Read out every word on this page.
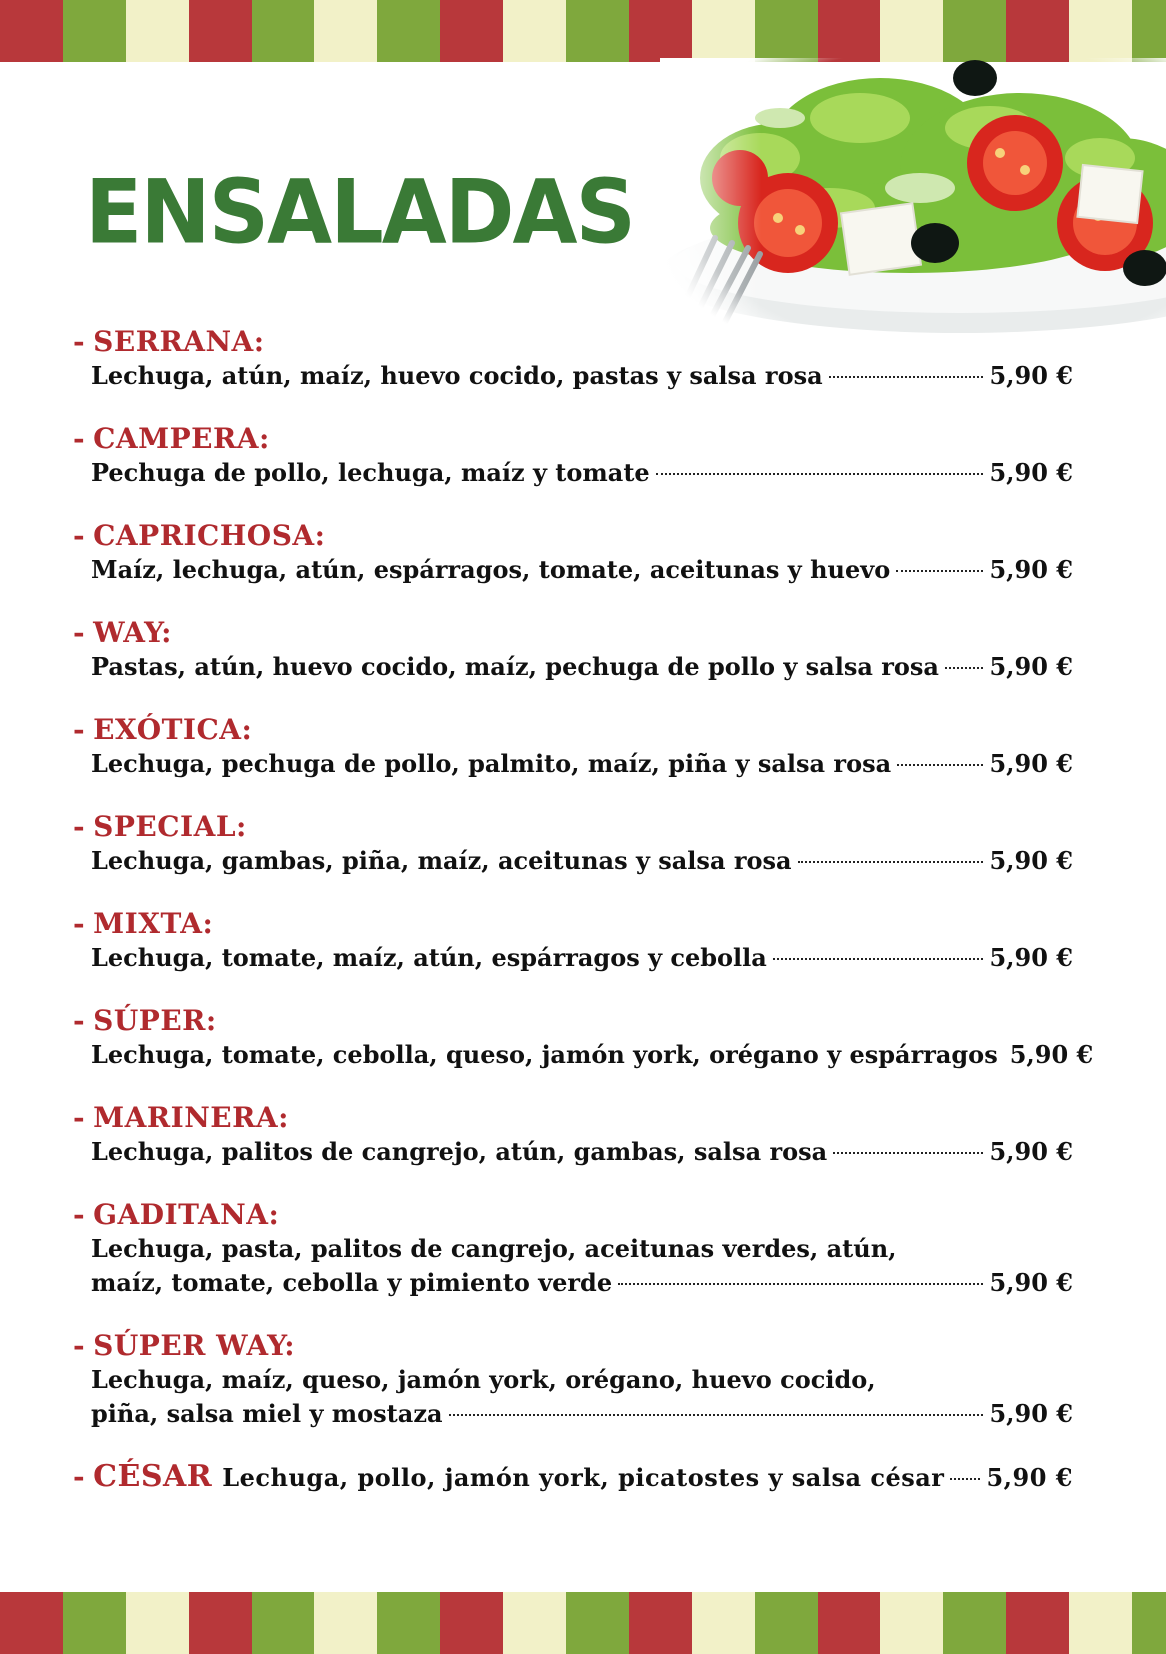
ENSALADAS
- SERRANA:
Lechuga, atún, maíz, huevo cocido, pastas y salsa rosa	5,90 €
- CAMPERA:
Pechuga de pollo, lechuga, maíz y tomate	5,90 €
- CAPRICHOSA:
Maíz, lechuga, atún, espárragos, tomate, aceitunas y huevo	5,90 €
- WAY:
Pastas, atún, huevo cocido, maíz, pechuga de pollo y salsa rosa 5,90 €
- EXÓTICA:
Lechuga, pechuga de pollo, palmito, maíz, piña y salsa rosa	5,90 €
- SPECIAL:
Lechuga, gambas, piña, maíz, aceitunas y salsa rosa	5,90 €
- MIXTA:
Lechuga, tomate, maíz, atún, espárragos y cebolla	5,90 €
- SÚPER:
Lechuga, tomate, cebolla, queso, jamón york, orégano y espárragos 5,90 €
- MARINERA:
Lechuga, palitos de cangrejo, atún, gambas, salsa rosa	5,90 €
- GADITANA:
Lechuga, pasta, palitos de cangrejo, aceitunas verdes, atún,
maíz, tomate, cebolla y pimiento verde	5,90 €
- SÚPER WAY:
Lechuga, maíz, queso, jamón york, orégano, huevo cocido,
piña, salsa miel y mostaza	5,90 €
- CÉSAR Lechuga, pollo, jamón york, picatostes y salsa césar 5,90 €
